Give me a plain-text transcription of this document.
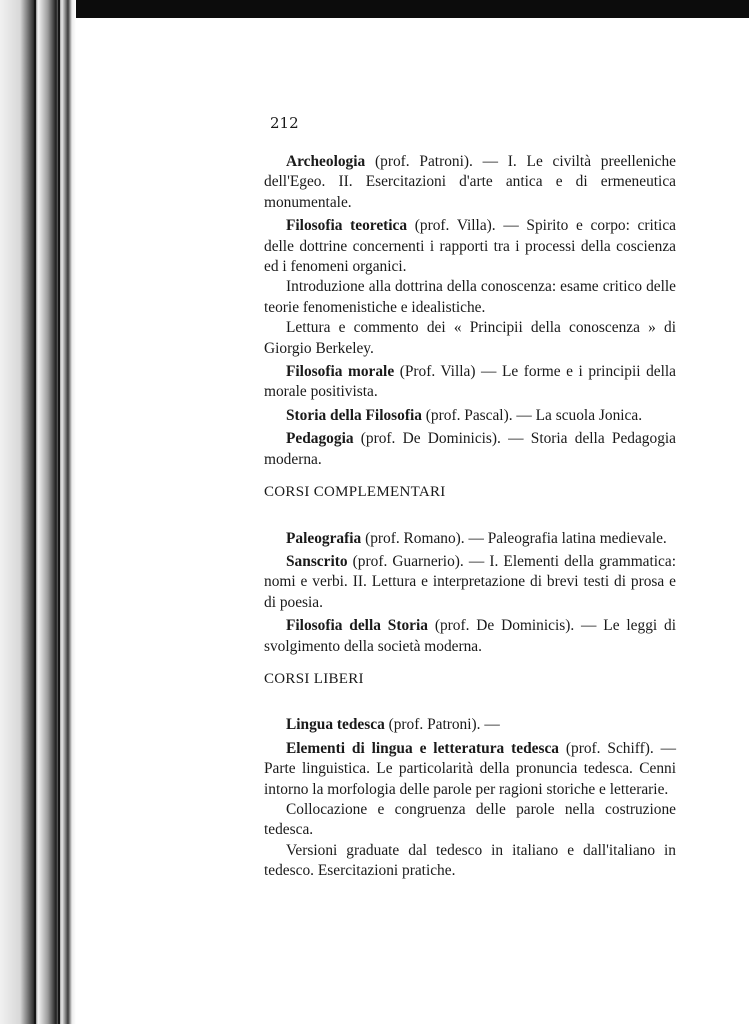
212

Archeologia (prof. Patroni). — I. Le civiltà preelleniche dell'Egeo. II. Esercitazioni d'arte antica e di ermeneutica monumentale.

Filosofia teoretica (prof. Villa). — Spirito e corpo: critica delle dottrine concernenti i rapporti tra i processi della coscienza ed i fenomeni organici.

Introduzione alla dottrina della conoscenza: esame critico delle teorie fenomenistiche e idealistiche.

Lettura e commento dei « Principii della conoscenza » di Giorgio Berkeley.

Filosofia morale (Prof. Villa) — Le forme e i principii della morale positivista.

Storia della Filosofia (prof. Pascal). — La scuola Jonica.

Pedagogia (prof. De Dominicis). — Storia della Pedagogia moderna.

CORSI COMPLEMENTARI

Paleografia (prof. Romano). — Paleografia latina medievale.

Sanscrito (prof. Guarnerio). — I. Elementi della grammatica: nomi e verbi. II. Lettura e interpretazione di brevi testi di prosa e di poesia.

Filosofia della Storia (prof. De Dominicis). — Le leggi di svolgimento della società moderna.

CORSI LIBERI

Lingua tedesca (prof. Patroni). —

Elementi di lingua e letteratura tedesca (prof. Schiff). — Parte linguistica. Le particolarità della pronuncia tedesca. Cenni intorno la morfologia delle parole per ragioni storiche e letterarie.

Collocazione e congruenza delle parole nella costruzione tedesca.

Versioni graduate dal tedesco in italiano e dall'italiano in tedesco. Esercitazioni pratiche.
